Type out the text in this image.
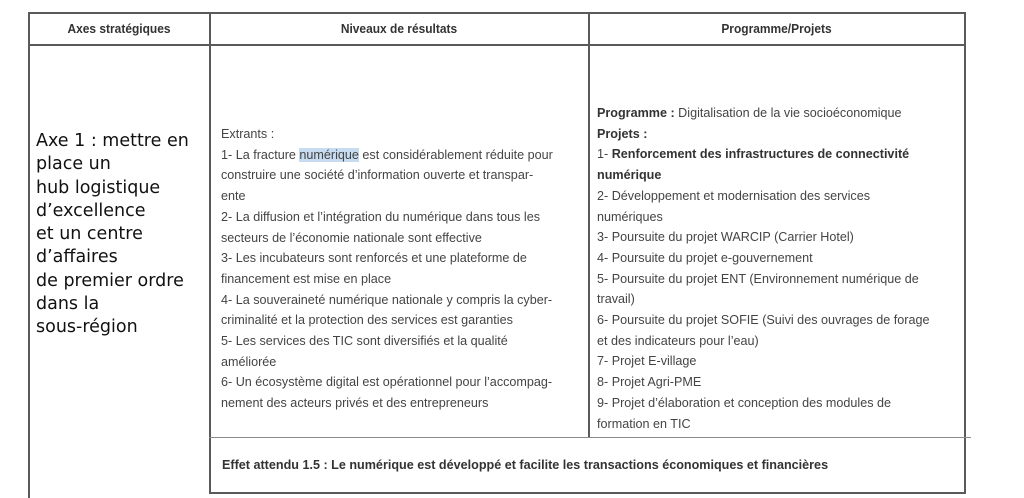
Axes stratégiques	Niveaux de résultats	Programme/Projets
Axe 1 : mettre en
place un
hub logistique
d’excellence
et un centre
d’affaires
de premier ordre
dans la
sous-région
Extrants :
1- La fracture numérique est considérablement réduite pour
construire une société d’information ouverte et transpar-
ente
2- La diffusion et l’intégration du numérique dans tous les
secteurs de l’économie nationale sont effective
3- Les incubateurs sont renforcés et une plateforme de
financement est mise en place
4- La souveraineté numérique nationale y compris la cyber-
criminalité et la protection des services est garanties
5- Les services des TIC sont diversifiés et la qualité
améliorée
6- Un écosystème digital est opérationnel pour l’accompag-
nement des acteurs privés et des entrepreneurs
Programme : Digitalisation de la vie socioéconomique
Projets :
1- Renforcement des infrastructures de connectivité
numérique
2- Développement et modernisation des services
numériques
3- Poursuite du projet WARCIP (Carrier Hotel)
4- Poursuite du projet e-gouvernement
5- Poursuite du projet ENT (Environnement numérique de
travail)
6- Poursuite du projet SOFIE (Suivi des ouvrages de forage
et des indicateurs pour l’eau)
7- Projet E-village
8- Projet Agri-PME
9- Projet d’élaboration et conception des modules de
formation en TIC
Effet attendu 1.5 : Le numérique est développé et facilite les transactions économiques et financières
